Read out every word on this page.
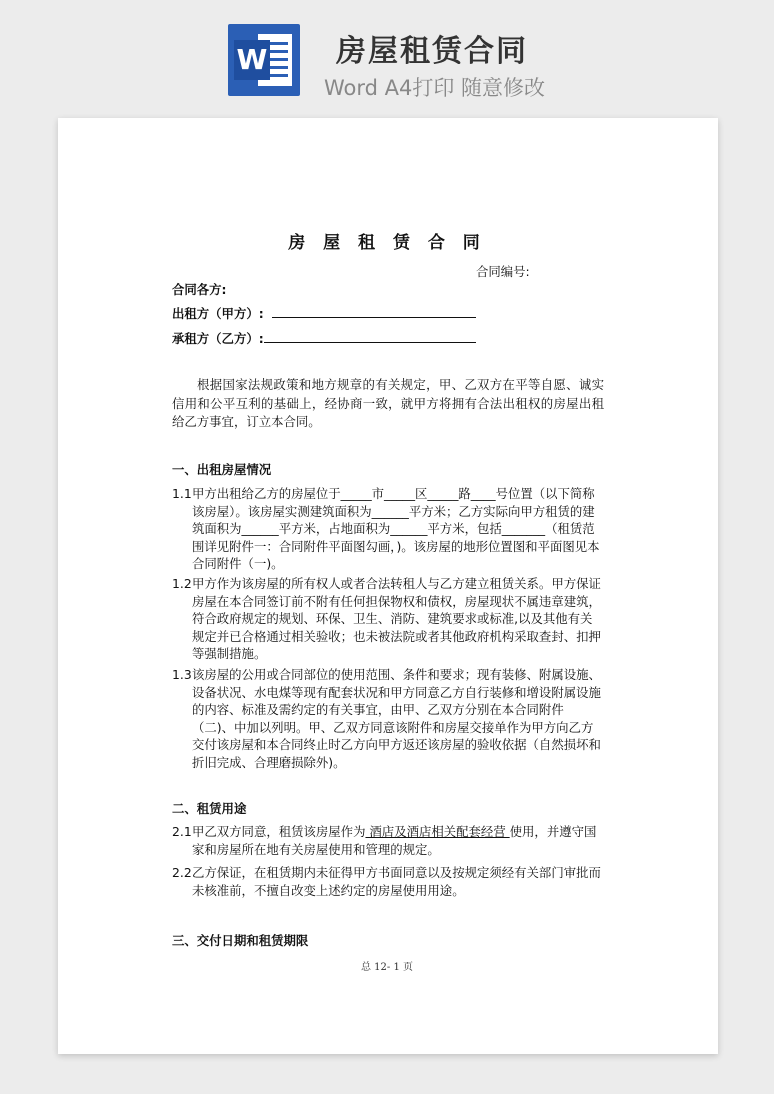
W 房屋租赁合同
Word A4打印 随意修改
房 屋 租 赁 合 同
合同编号:
合同各方:
出租方（甲方）:
承租方（乙方）:
根据国家法规政策和地方规章的有关规定，甲、乙双方在平等自愿、诚实信用和公平互利的基础上，经协商一致，就甲方将拥有合法出租权的房屋出租给乙方事宜，订立本合同。
一、出租房屋情况
1.1 甲方出租给乙方的房屋位于_____市_____区_____路____号位置（以下简称该房屋）。该房屋实测建筑面积为______平方米；乙方实际向甲方租赁的建筑面积为______平方米，占地面积为______平方米，包括_______（租赁范围详见附件一：合同附件平面图勾画，)。该房屋的地形位置图和平面图见本合同附件（一)。
1.2 甲方作为该房屋的所有权人或者合法转租人与乙方建立租赁关系。甲方保证房屋在本合同签订前不附有任何担保物权和债权，房屋现状不属违章建筑，符合政府规定的规划、环保、卫生、消防、建筑要求或标准,以及其他有关规定并已合格通过相关验收；也未被法院或者其他政府机构采取查封、扣押等强制措施。
1.3 该房屋的公用或合同部位的使用范围、条件和要求；现有装修、附属设施、设备状况、水电煤等现有配套状况和甲方同意乙方自行装修和增设附属设施的内容、标准及需约定的有关事宜，由甲、乙双方分别在本合同附件（二)、中加以列明。甲、乙双方同意该附件和房屋交接单作为甲方向乙方交付该房屋和本合同终止时乙方向甲方返还该房屋的验收依据（自然损坏和折旧完成、合理磨损除外)。
二、租赁用途
2.1 甲乙双方同意，租赁该房屋作为 酒店及酒店相关配套经营 使用，并遵守国家和房屋所在地有关房屋使用和管理的规定。
2.2 乙方保证，在租赁期内未征得甲方书面同意以及按规定须经有关部门审批而未核准前，不擅自改变上述约定的房屋使用用途。
三、交付日期和租赁期限
总 12- 1 页
